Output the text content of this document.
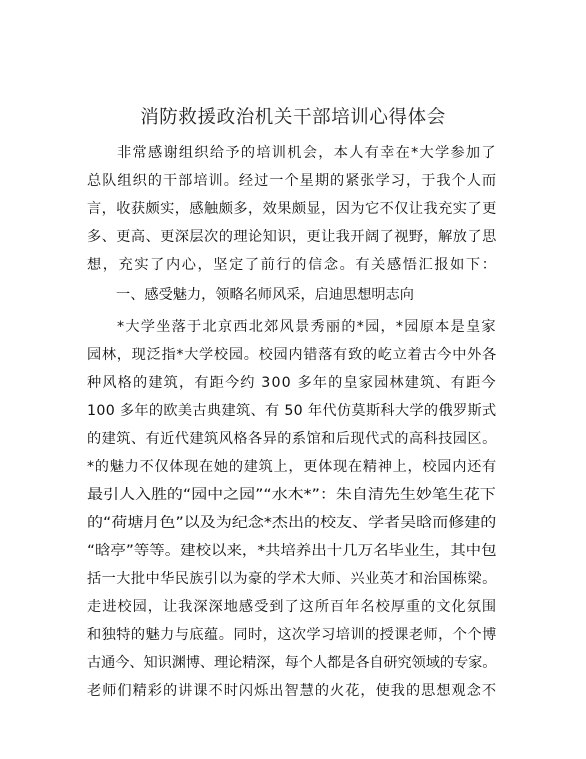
消防救援政治机关干部培训心得体会
非常感谢组织给予的培训机会，本人有幸在*大学参加了
总队组织的干部培训。经过一个星期的紧张学习，于我个人而
言，收获颇实，感触颇多，效果颇显，因为它不仅让我充实了更
多、更高、更深层次的理论知识，更让我开阔了视野，解放了思
想，充实了内心，坚定了前行的信念。有关感悟汇报如下：
一、感受魅力，领略名师风采，启迪思想明志向
*大学坐落于北京西北郊风景秀丽的*园，*园原本是皇家
园林，现泛指*大学校园。校园内错落有致的屹立着古今中外各
种风格的建筑，有距今约 300 多年的皇家园林建筑、有距今
100 多年的欧美古典建筑、有 50 年代仿莫斯科大学的俄罗斯式
的建筑、有近代建筑风格各异的系馆和后现代式的高科技园区。
*的魅力不仅体现在她的建筑上，更体现在精神上，校园内还有
最引人入胜的“园中之园”“水木*”：朱自清先生妙笔生花下
的“荷塘月色”以及为纪念*杰出的校友、学者吴晗而修建的
“晗亭”等等。建校以来，*共培养出十几万名毕业生，其中包
括一大批中华民族引以为豪的学术大师、兴业英才和治国栋梁。
走进校园，让我深深地感受到了这所百年名校厚重的文化氛围
和独特的魅力与底蕴。同时，这次学习培训的授课老师，个个博
古通今、知识渊博、理论精深，每个人都是各自研究领域的专家。
老师们精彩的讲课不时闪烁出智慧的火花，使我的思想观念不
